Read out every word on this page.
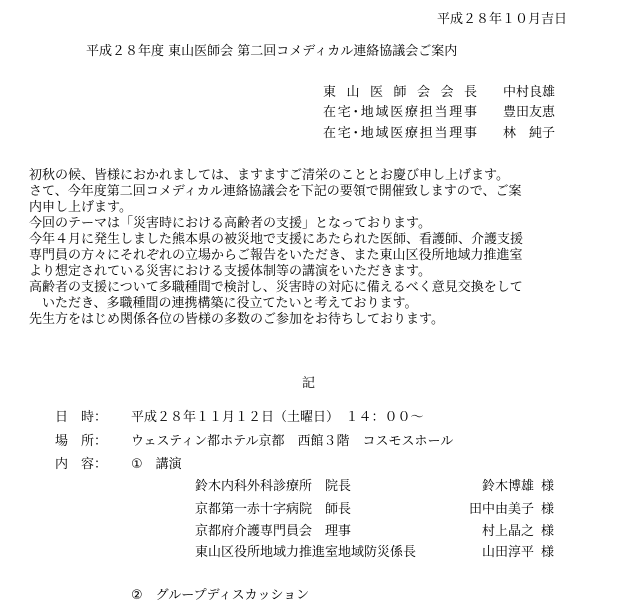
平成２８年１０月吉日
平成２８年度 東山医師会 第二回コメディカル連絡協議会ご案内
東山医師会会長 中村良雄
在宅･地域医療担当理事 豊田友恵
在宅･地域医療担当理事 林　純子

初秋の候、皆様におかれましては、ますますご清栄のこととお慶び申し上げます。

さて、今年度第二回コメディカル連絡協議会を下記の要領で開催致しますので、ご案

内申し上げます。

今回のテーマは「災害時における高齢者の支援」となっております。

今年４月に発生しました熊本県の被災地で支援にあたられた医師、看護師、介護支援

専門員の方々にそれぞれの立場からご報告をいただき、また東山区役所地域力推進室

より想定されている災害における支援体制等の講演をいただきます。

高齢者の支援について多職種間で検討し、災害時の対応に備えるべく意見交換をして

いただき、多職種間の連携構築に役立てたいと考えております。

先生方をはじめ関係各位の皆様の多数のご参加をお待ちしております。

記
日　時： 平成２８年１１月１２日（土曜日）　１４：００～
場　所： ウェスティン都ホテル京都　西館３階　コスモスホール
内　容： ①　講演
鈴木内科外科診療所　院長	鈴木博雄 様
京都第一赤十字病院　師長	田中由美子 様
京都府介護専門員会　理事	村上晶之 様
東山区役所地域力推進室地域防災係長	山田淳平 様
②　グループディスカッション
